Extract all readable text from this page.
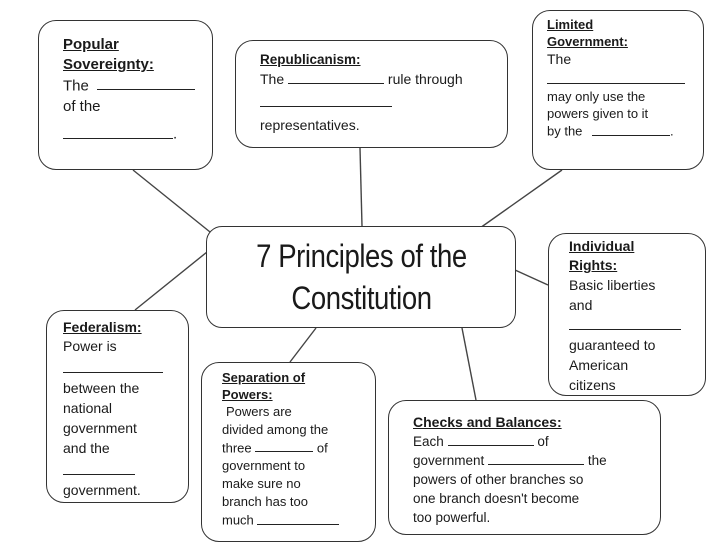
Popular
Sovereignty:
The
of the
.
Republicanism:
The	rule through
representatives.
Limited
Government:
The
may only use the
powers given to it
by the	.
7 Principles of the
Constitution
Individual
Rights:
Basic liberties
and
guaranteed to
American
citizens
Federalism:
Power is
between the
national
government
and the
government.
Separation of
Powers:
Powers are
divided among the
three	of
government to
make sure no
branch has too
much
Checks and Balances:
Each	of
government	the
powers of other branches so
one branch doesn't become
too powerful.
